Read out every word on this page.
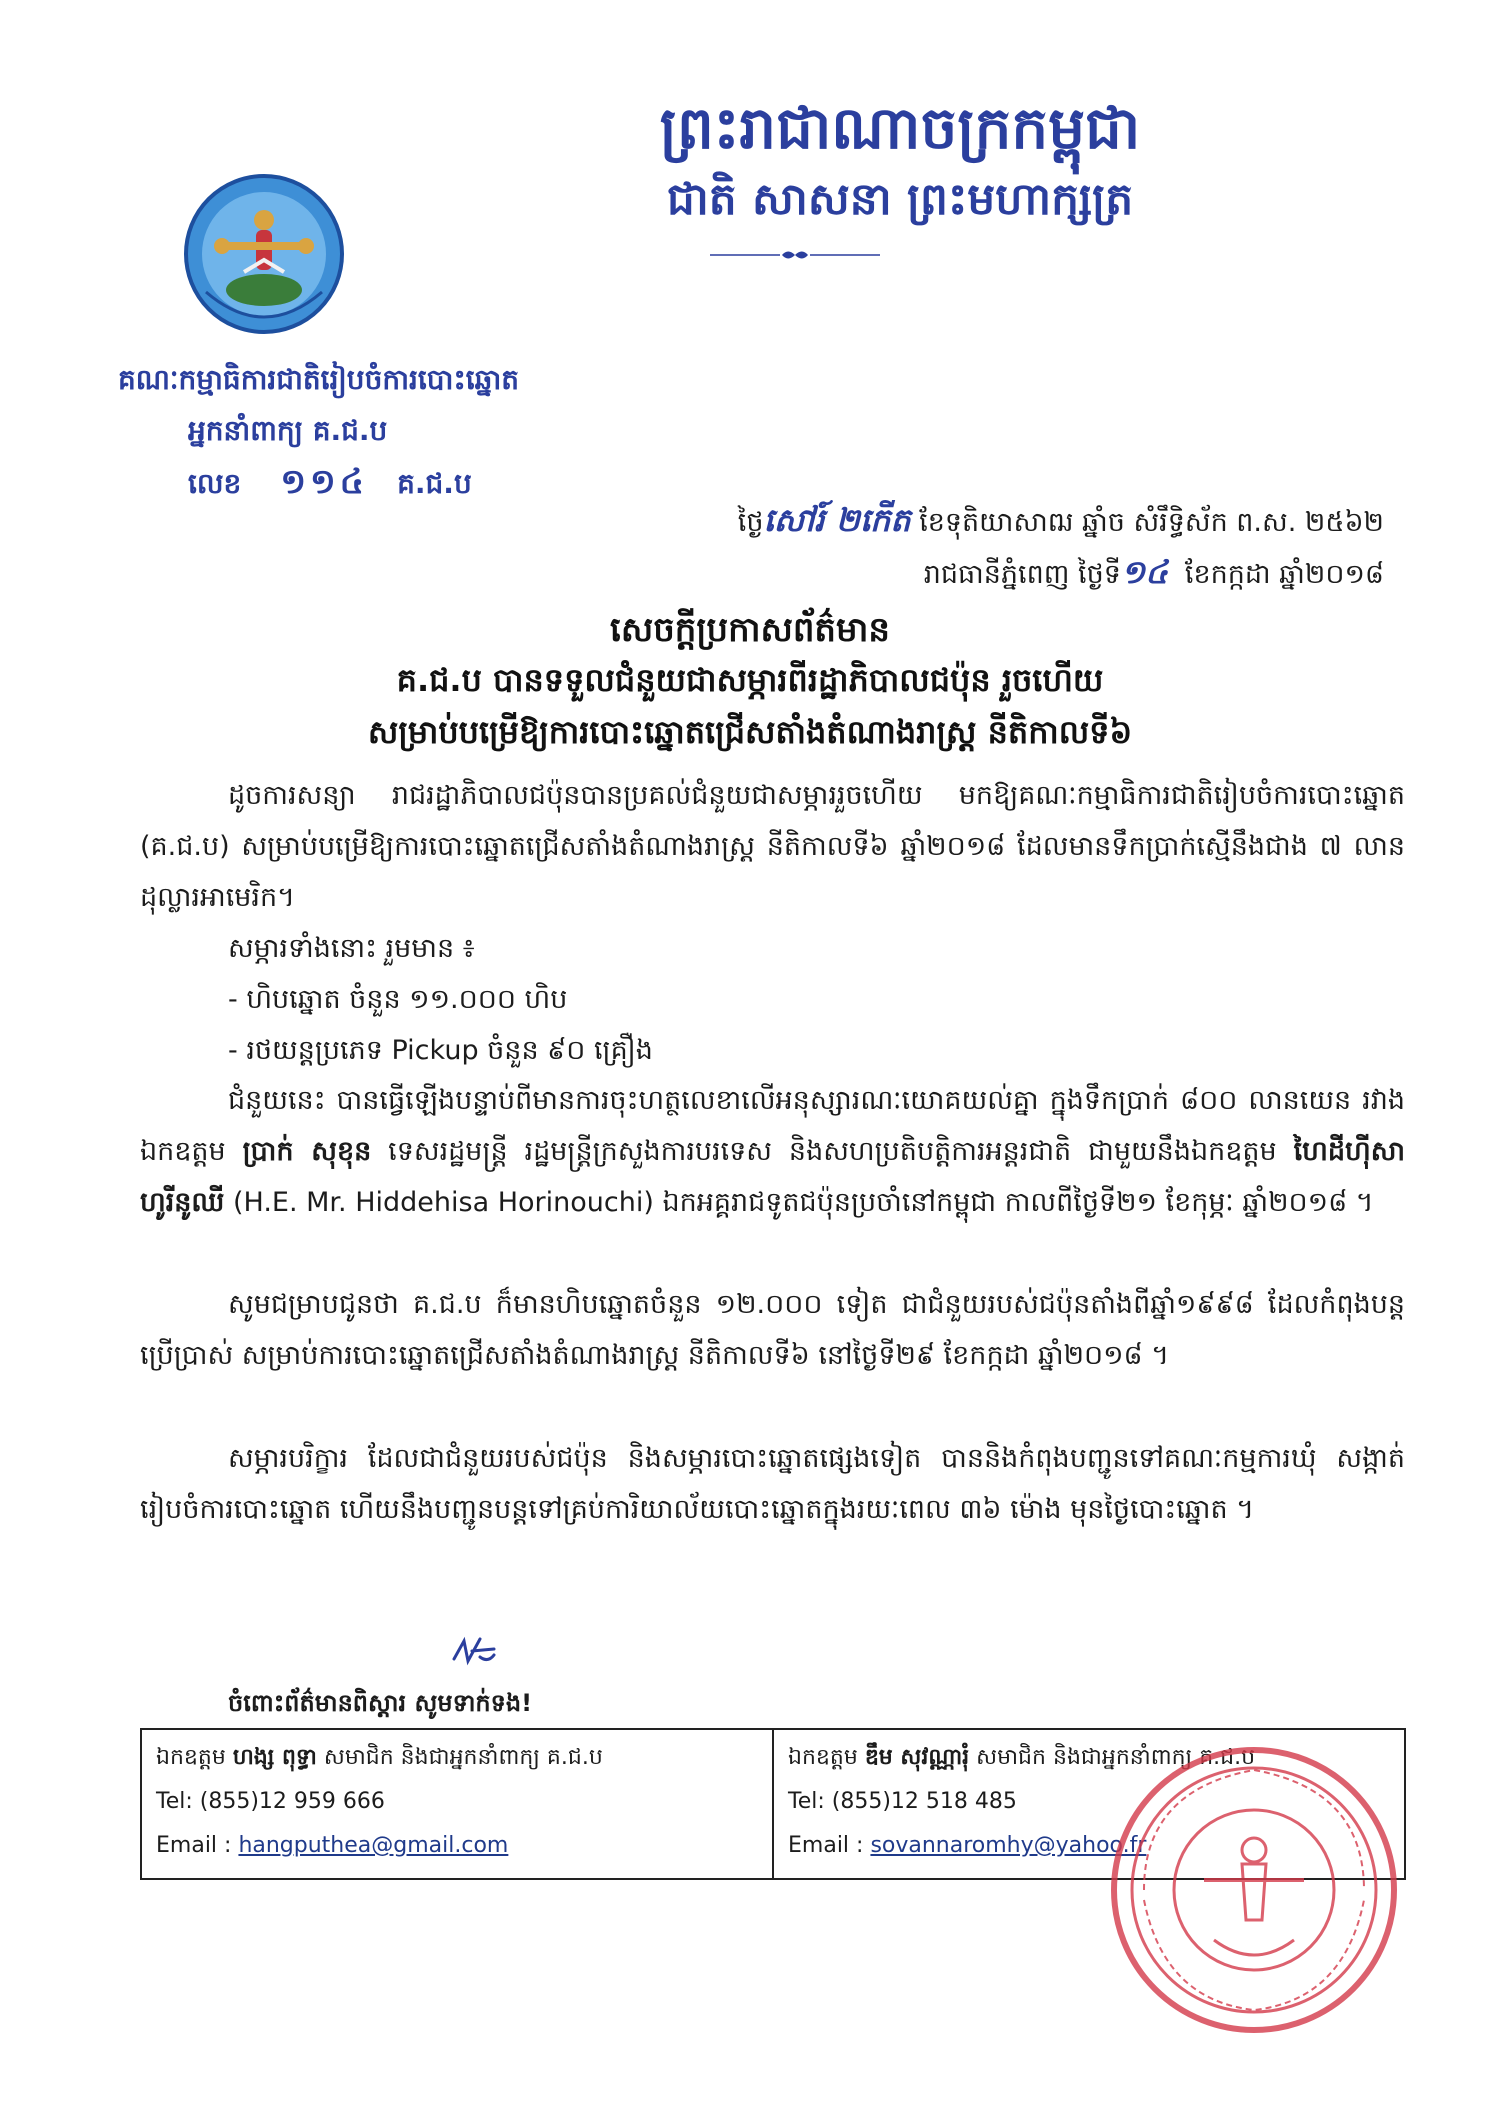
ព្រះរាជាណាចក្រកម្ពុជា
ជាតិ សាសនា ព្រះមហាក្សត្រ
គណៈកម្មាធិការជាតិរៀបចំការបោះឆ្នោត
អ្នកនាំពាក្យ គ.ជ.ប
លេខ ១១៤ គ.ជ.ប
ថ្ងៃសៅរ៍ ២កើត ខែទុតិយាសាឍ ឆ្នាំច សំរឹទ្ធិស័ក ព.ស. ២៥៦២
រាជធានីភ្នំពេញ ថ្ងៃទី១៤ ខែកក្កដា ឆ្នាំ២០១៨
សេចក្តីប្រកាសព័ត៌មាន
គ.ជ.ប បានទទួលជំនួយជាសម្ភារពីរដ្ឋាភិបាលជប៉ុន រួចហើយ
សម្រាប់បម្រើឱ្យការបោះឆ្នោតជ្រើសតាំងតំណាងរាស្ត្រ នីតិកាលទី៦

ដូចការសន្យា រាជរដ្ឋាភិបាលជប៉ុនបានប្រគល់ជំនួយជាសម្ភាររួចហើយ មកឱ្យគណៈកម្មាធិការជាតិរៀបចំការបោះឆ្នោត (គ.ជ.ប) សម្រាប់បម្រើឱ្យការបោះឆ្នោតជ្រើសតាំងតំណាងរាស្ត្រ នីតិកាលទី៦ ឆ្នាំ២០១៨ ដែលមានទឹកប្រាក់ស្មើនឹងជាង ៧ លាន ដុល្លារអាមេរិក។

សម្ភារទាំងនោះ រួមមាន ៖
- ហិបឆ្នោត ចំនួន ១១.០០០ ហិប
- រថយន្តប្រភេទ Pickup ចំនួន ៩០ គ្រឿង

ជំនួយនេះ បានធ្វើឡើងបន្ទាប់ពីមានការចុះហត្ថលេខាលើអនុស្សារណៈយោគយល់គ្នា ក្នុងទឹកប្រាក់ ៨០០ លានយេន រវាងឯកឧត្តម ប្រាក់ សុខុន ទេសរដ្ឋមន្ត្រី រដ្ឋមន្ត្រីក្រសួងការបរទេស និងសហប្រតិបត្តិការអន្តរជាតិ ជាមួយនឹងឯកឧត្តម ហៃដីហ៊ីសា ហូរីនូឈី (H.E. Mr. Hiddehisa Horinouchi) ឯកអគ្គរាជទូតជប៉ុនប្រចាំនៅកម្ពុជា កាលពីថ្ងៃទី២១ ខែកុម្ភៈ ឆ្នាំ២០១៨ ។

សូមជម្រាបជូនថា គ.ជ.ប ក៏មានហិបឆ្នោតចំនួន ១២.០០០ ទៀត ជាជំនួយរបស់ជប៉ុនតាំងពីឆ្នាំ១៩៩៨ ដែលកំពុងបន្តប្រើប្រាស់ សម្រាប់ការបោះឆ្នោតជ្រើសតាំងតំណាងរាស្ត្រ នីតិកាលទី៦ នៅថ្ងៃទី២៩ ខែកក្កដា ឆ្នាំ២០១៨ ។

សម្ភារបរិក្ខារ ដែលជាជំនួយរបស់ជប៉ុន និងសម្ភារបោះឆ្នោតផ្សេងទៀត បាននិងកំពុងបញ្ជូនទៅគណៈកម្មការឃុំ សង្កាត់រៀបចំការបោះឆ្នោត ហើយនឹងបញ្ជូនបន្តទៅគ្រប់ការិយាល័យបោះឆ្នោតក្នុងរយៈពេល ៣៦ ម៉ោង មុនថ្ងៃបោះឆ្នោត ។

ចំពោះព័ត៌មានពិស្តារ សូមទាក់ទង!
ឯកឧត្តម ហង្ស ពុទ្ធា សមាជិក និងជាអ្នកនាំពាក្យ គ.ជ.ប
Tel: (855)12 959 666
Email : hangputhea@gmail.com
ឯកឧត្តម ឌឹម សុវណ្ណារុំ សមាជិក និងជាអ្នកនាំពាក្យ គ.ជ.ប
Tel: (855)12 518 485
Email : sovannaromhy@yahoo.fr
